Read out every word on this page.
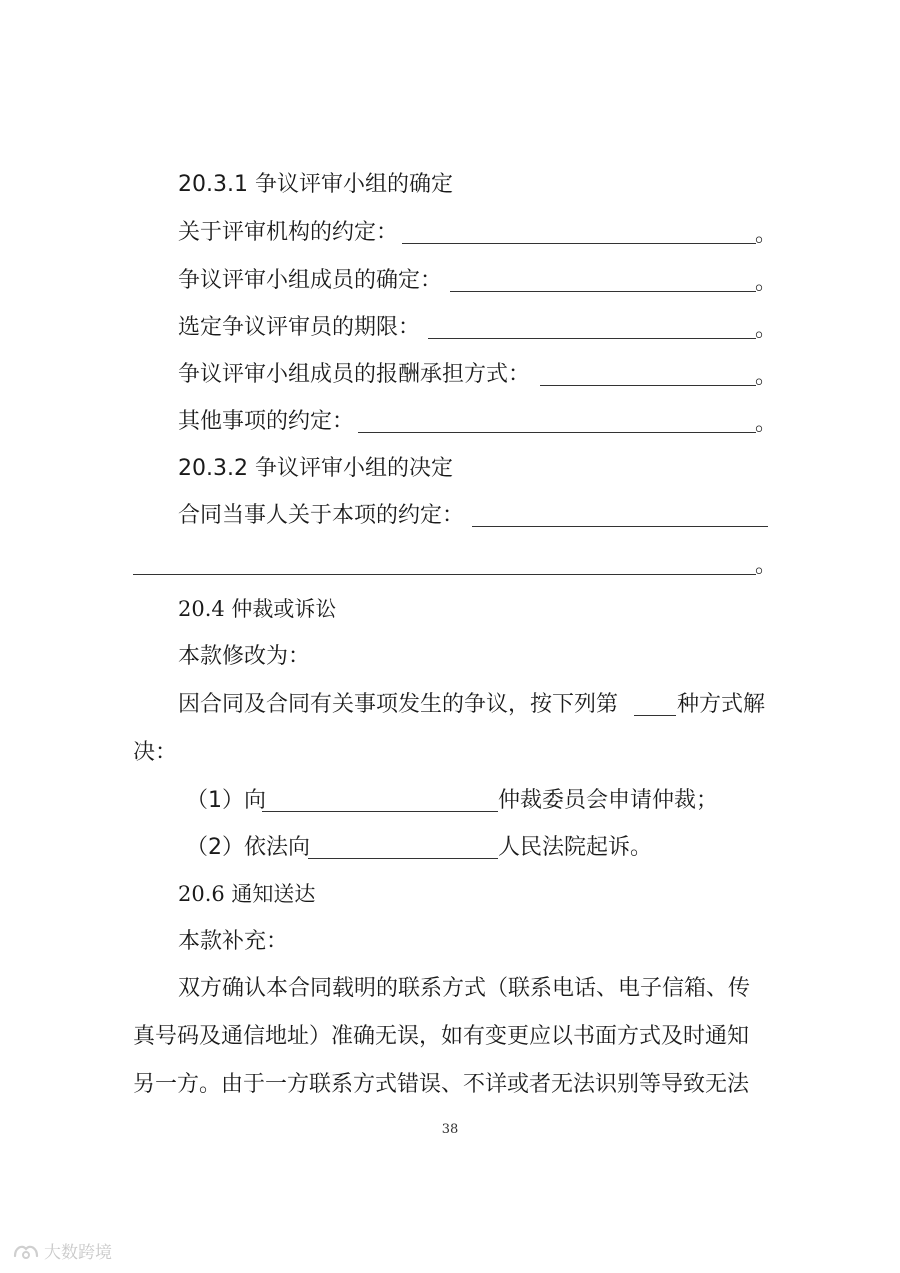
20.3.1 争议评审小组的确定
关于评审机构的约定：	。
争议评审小组成员的确定：	。
选定争议评审员的期限：	。
争议评审小组成员的报酬承担方式：	。
其他事项的约定：	。
20.3.2 争议评审小组的决定
合同当事人关于本项的约定：
。
20.4 仲裁或诉讼
本款修改为：
因合同及合同有关事项发生的争议，按下列第	种方式解
决：
（1）向	仲裁委员会申请仲裁；
（2）依法向	人民法院起诉。
20.6 通知送达
本款补充：
双方确认本合同载明的联系方式（联系电话、电子信箱、传
真号码及通信地址）准确无误，如有变更应以书面方式及时通知
另一方。由于一方联系方式错误、不详或者无法识别等导致无法
38
大数跨境
